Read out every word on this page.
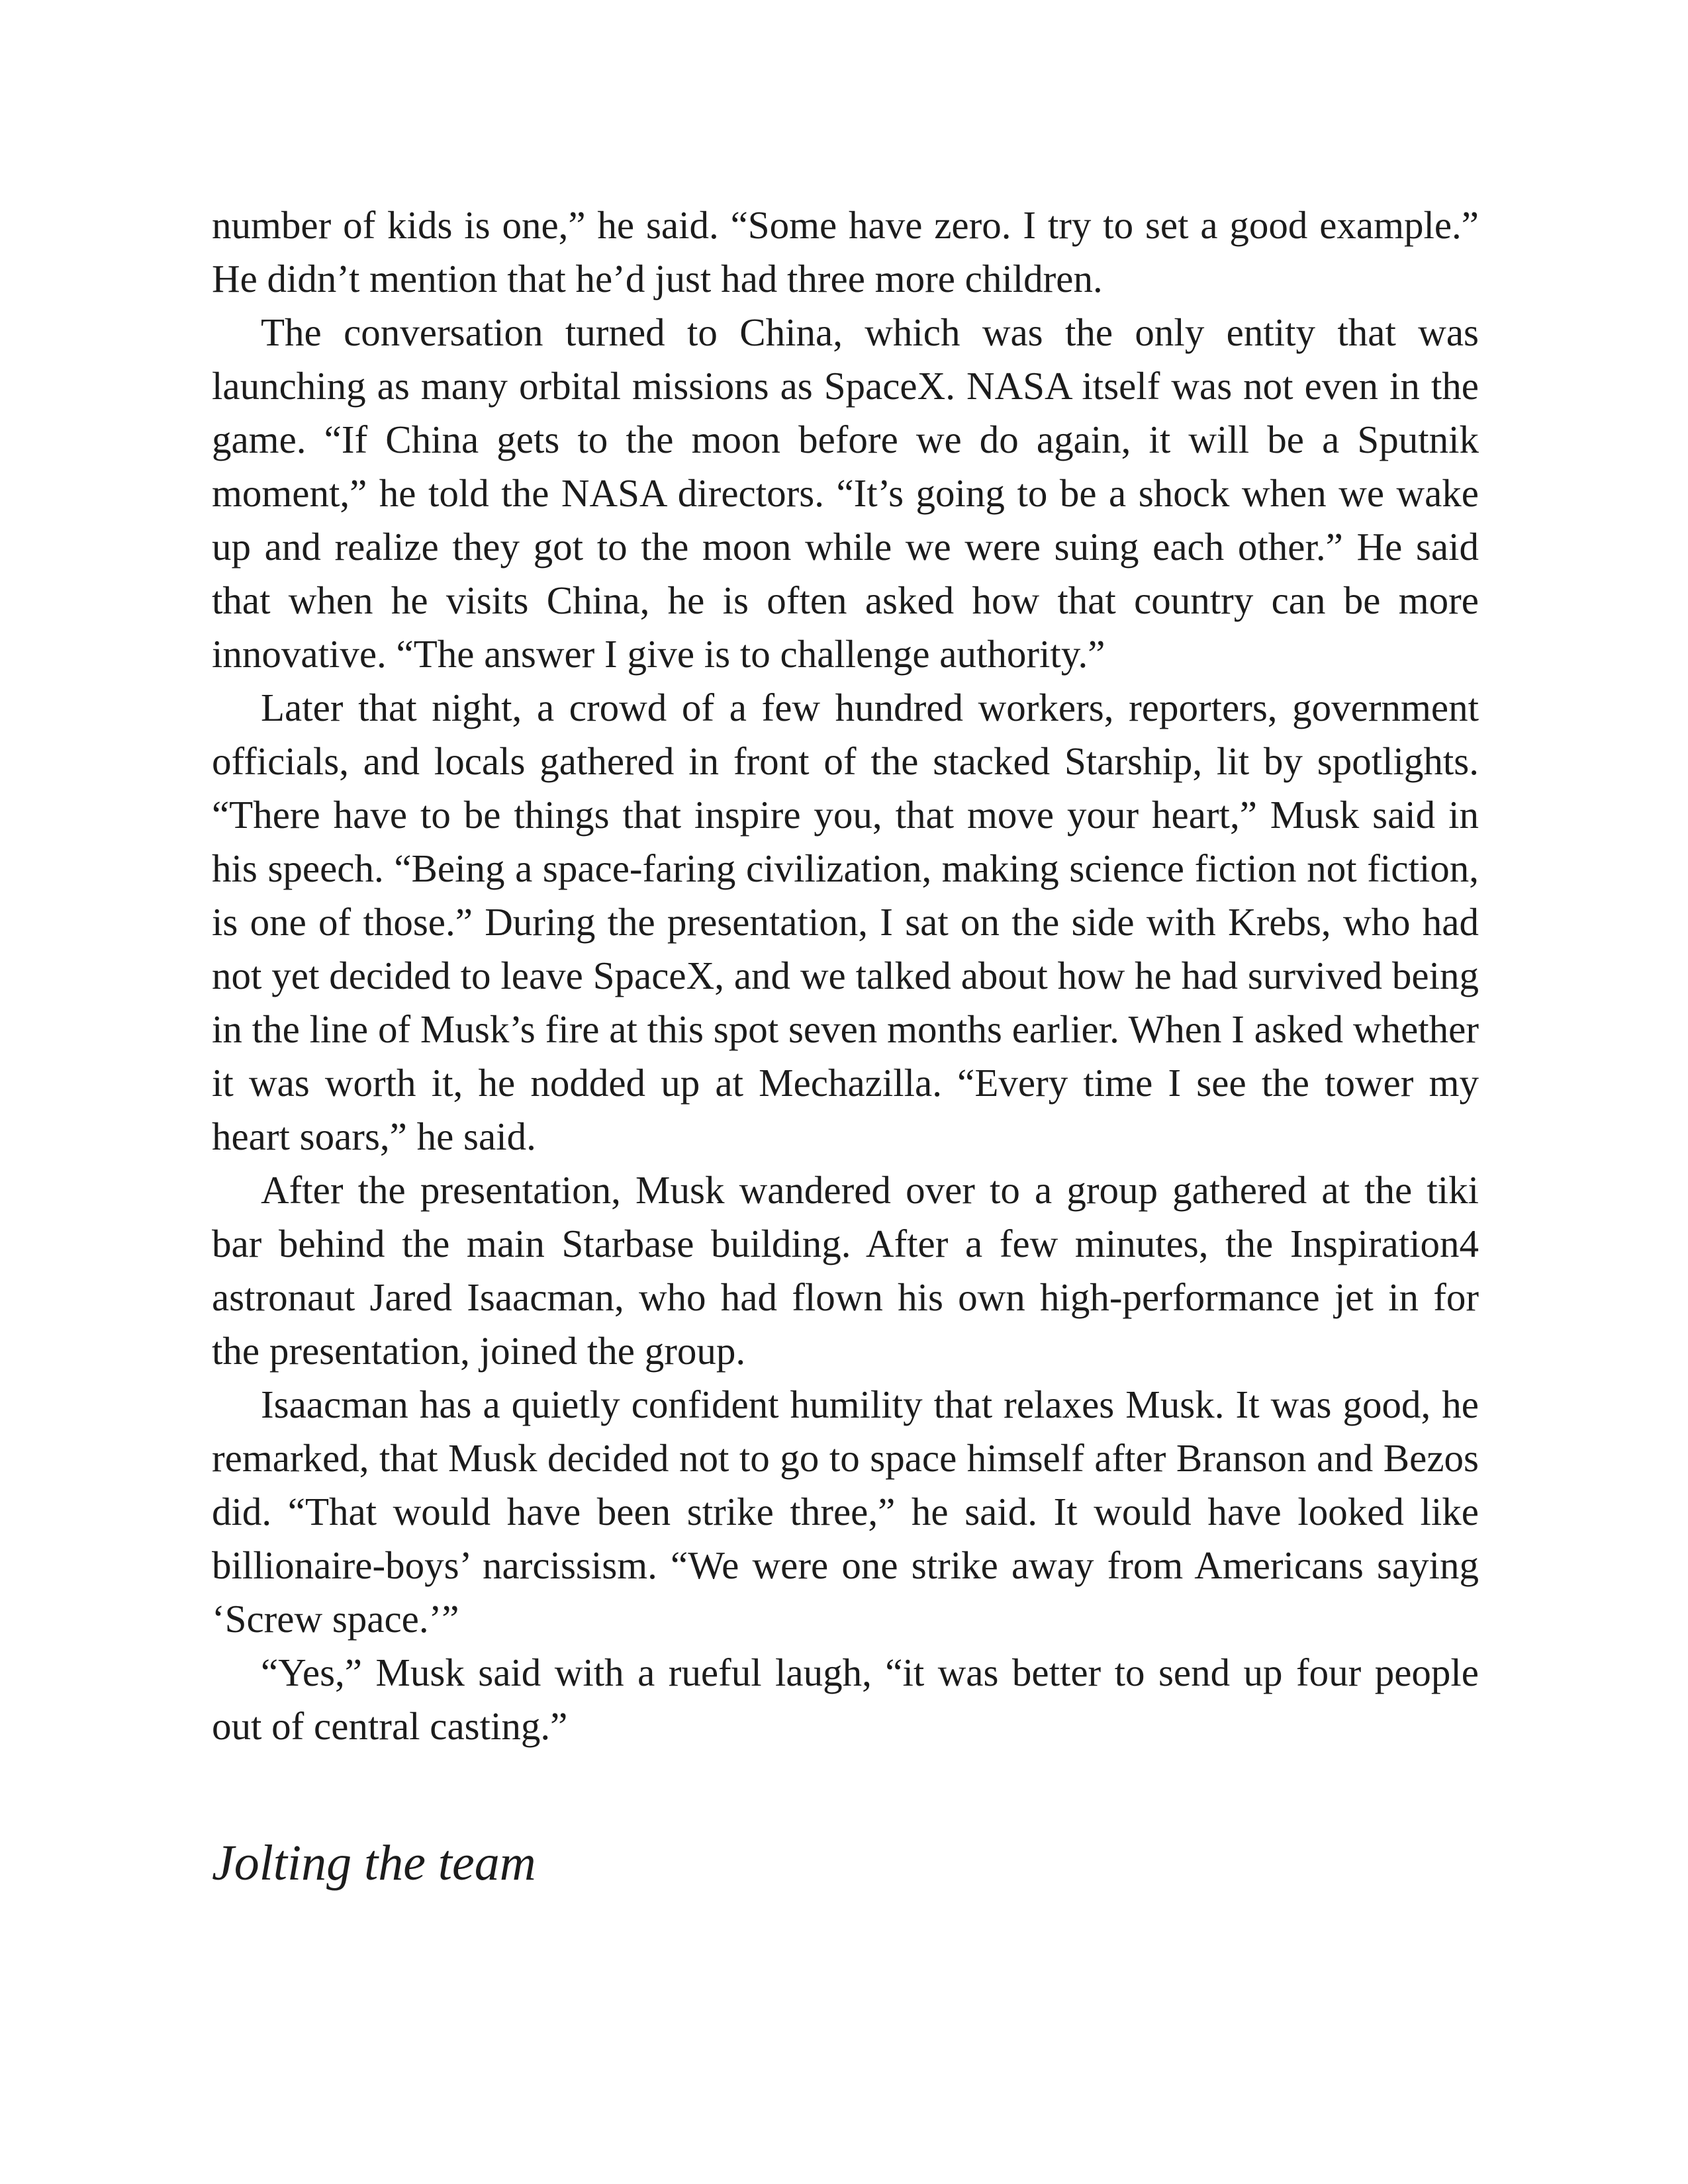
number of kids is one,” he said. “Some have zero. I try to set a good example.” He didn’t mention that he’d just had three more children.

The conversation turned to China, which was the only entity that was launching as many orbital missions as SpaceX. NASA itself was not even in the game. “If China gets to the moon before we do again, it will be a Sputnik moment,” he told the NASA directors. “It’s going to be a shock when we wake up and realize they got to the moon while we were suing each other.” He said that when he visits China, he is often asked how that country can be more innovative. “The answer I give is to challenge authority.”

Later that night, a crowd of a few hundred workers, reporters, government officials, and locals gathered in front of the stacked Starship, lit by spotlights. “There have to be things that inspire you, that move your heart,” Musk said in his speech. “Being a space-faring civilization, making science fiction not fiction, is one of those.” During the presentation, I sat on the side with Krebs, who had not yet decided to leave SpaceX, and we talked about how he had survived being in the line of Musk’s fire at this spot seven months earlier. When I asked whether it was worth it, he nodded up at Mechazilla. “Every time I see the tower my heart soars,” he said.

After the presentation, Musk wandered over to a group gathered at the tiki bar behind the main Starbase building. After a few minutes, the Inspiration4 astronaut Jared Isaacman, who had flown his own high-performance jet in for the presentation, joined the group.

Isaacman has a quietly confident humility that relaxes Musk. It was good, he remarked, that Musk decided not to go to space himself after Branson and Bezos did. “That would have been strike three,” he said. It would have looked like billionaire-boys’ narcissism. “We were one strike away from Americans saying ‘Screw space.’”

“Yes,” Musk said with a rueful laugh, “it was better to send up four people out of central casting.”

Jolting the team
